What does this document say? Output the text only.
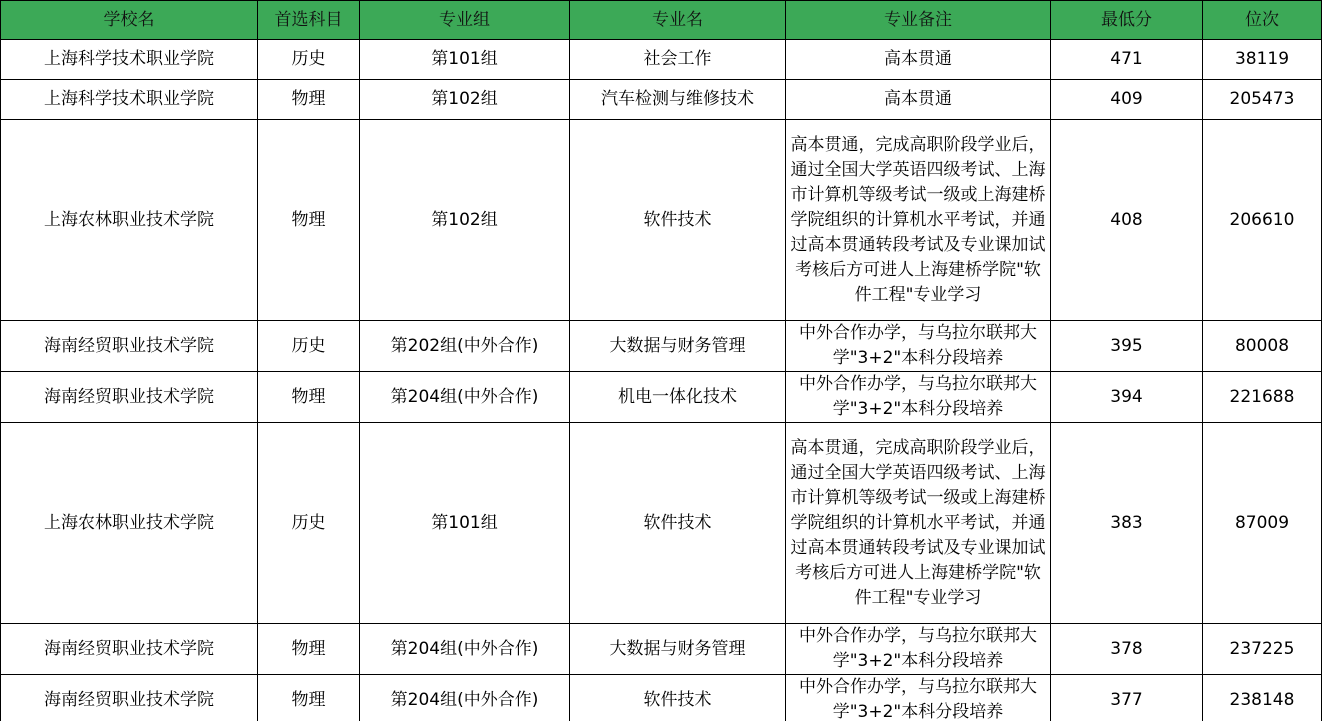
学校名	首选科目	专业组	专业名	专业备注	最低分	位次
上海科学技术职业学院	历史	第101组	社会工作	高本贯通	471	38119
上海科学技术职业学院	物理	第102组	汽车检测与维修技术	高本贯通	409	205473
上海农林职业技术学院	物理	第102组	软件技术	高本贯通，完成高职阶段学业后，通过全国大学英语四级考试、上海市计算机等级考试一级或上海建桥学院组织的计算机水平考试，并通过高本贯通转段考试及专业课加试考核后方可进人上海建桥学院"软件工程"专业学习	408	206610
海南经贸职业技术学院	历史	第202组(中外合作)	大数据与财务管理	中外合作办学，与乌拉尔联邦大学"3+2"本科分段培养	395	80008
海南经贸职业技术学院	物理	第204组(中外合作)	机电一体化技术	中外合作办学，与乌拉尔联邦大学"3+2"本科分段培养	394	221688
上海农林职业技术学院	历史	第101组	软件技术	高本贯通，完成高职阶段学业后，通过全国大学英语四级考试、上海市计算机等级考试一级或上海建桥学院组织的计算机水平考试，并通过高本贯通转段考试及专业课加试考核后方可进人上海建桥学院"软件工程"专业学习	383	87009
海南经贸职业技术学院	物理	第204组(中外合作)	大数据与财务管理	中外合作办学，与乌拉尔联邦大学"3+2"本科分段培养	378	237225
海南经贸职业技术学院	物理	第204组(中外合作)	软件技术	中外合作办学，与乌拉尔联邦大学"3+2"本科分段培养	377	238148
